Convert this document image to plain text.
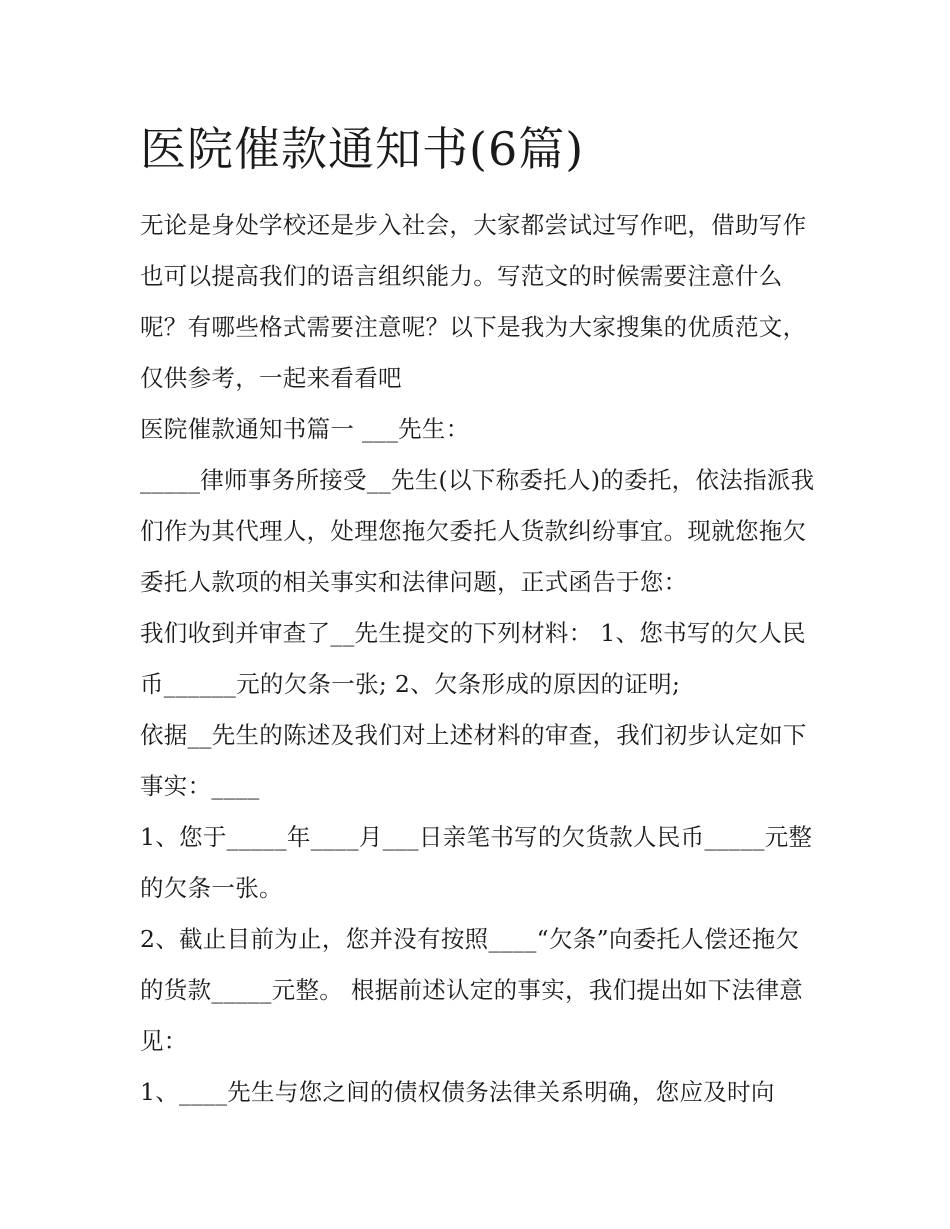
医院催款通知书(6篇)

无论是身处学校还是步入社会，大家都尝试过写作吧，借助写作也可以提高我们的语言组织能力。写范文的时候需要注意什么呢？有哪些格式需要注意呢？以下是我为大家搜集的优质范文，仅供参考，一起来看看吧

医院催款通知书篇一 ___先生：

_____律师事务所接受__先生(以下称委托人)的委托，依法指派我们作为其代理人，处理您拖欠委托人货款纠纷事宜。现就您拖欠委托人款项的相关事实和法律问题，正式函告于您：

我们收到并审查了__先生提交的下列材料： 1、您书写的欠人民币______元的欠条一张; 2、欠条形成的原因的证明;

依据__先生的陈述及我们对上述材料的审查，我们初步认定如下事实：____

1、您于_____年____月___日亲笔书写的欠货款人民币_____元整的欠条一张。

2、截止目前为止，您并没有按照____“欠条”向委托人偿还拖欠的货款_____元整。 根据前述认定的事实，我们提出如下法律意见：

1、____先生与您之间的债权债务法律关系明确，您应及时向
